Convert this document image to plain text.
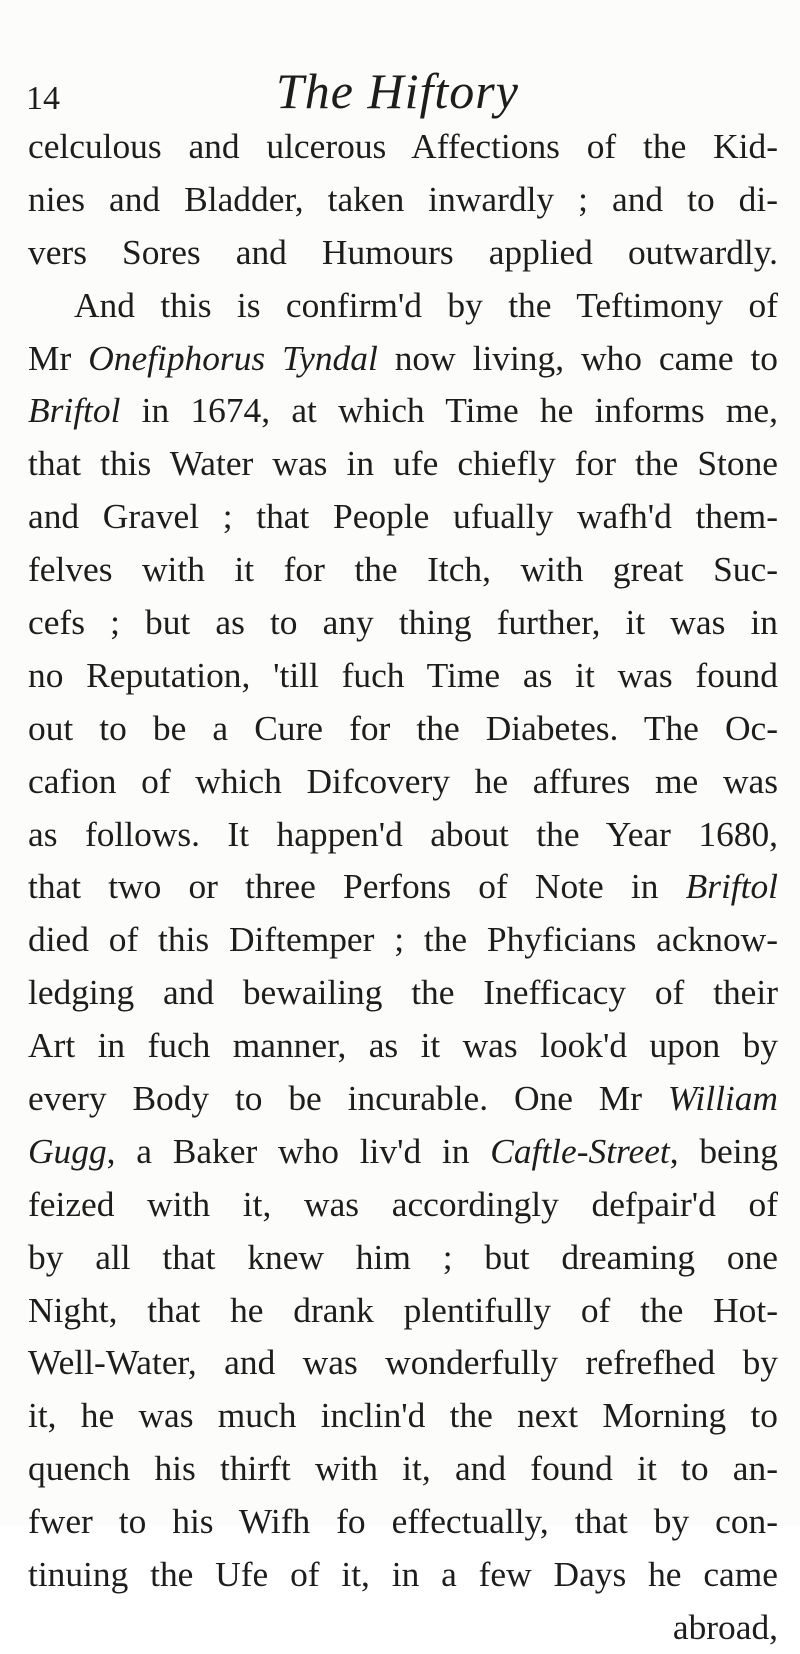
14	The Hiftory
celculous and ulcerous Affections of the Kid-
nies and Bladder, taken inwardly ; and to di-
vers Sores and Humours applied outwardly.
And this is confirm'd by the Teftimony of
Mr Onefiphorus Tyndal now living, who came to
Briftol in 1674, at which Time he informs me,
that this Water was in ufe chiefly for the Stone
and Gravel ; that People ufually wafh'd them-
felves with it for the Itch, with great Suc-
cefs ; but as to any thing further, it was in
no Reputation, 'till fuch Time as it was found
out to be a Cure for the Diabetes. The Oc-
cafion of which Difcovery he affures me was
as follows. It happen'd about the Year 1680,
that two or three Perfons of Note in Briftol
died of this Diftemper ; the Phyficians acknow-
ledging and bewailing the Inefficacy of their
Art in fuch manner, as it was look'd upon by
every Body to be incurable. One Mr William
Gugg, a Baker who liv'd in Caftle-Street, being
feized with it, was accordingly defpair'd of
by all that knew him ; but dreaming one
Night, that he drank plentifully of the Hot-
Well-Water, and was wonderfully refrefhed by
it, he was much inclin'd the next Morning to
quench his thirft with it, and found it to an-
fwer to his Wifh fo effectually, that by con-
tinuing the Ufe of it, in a few Days he came
abroad,
